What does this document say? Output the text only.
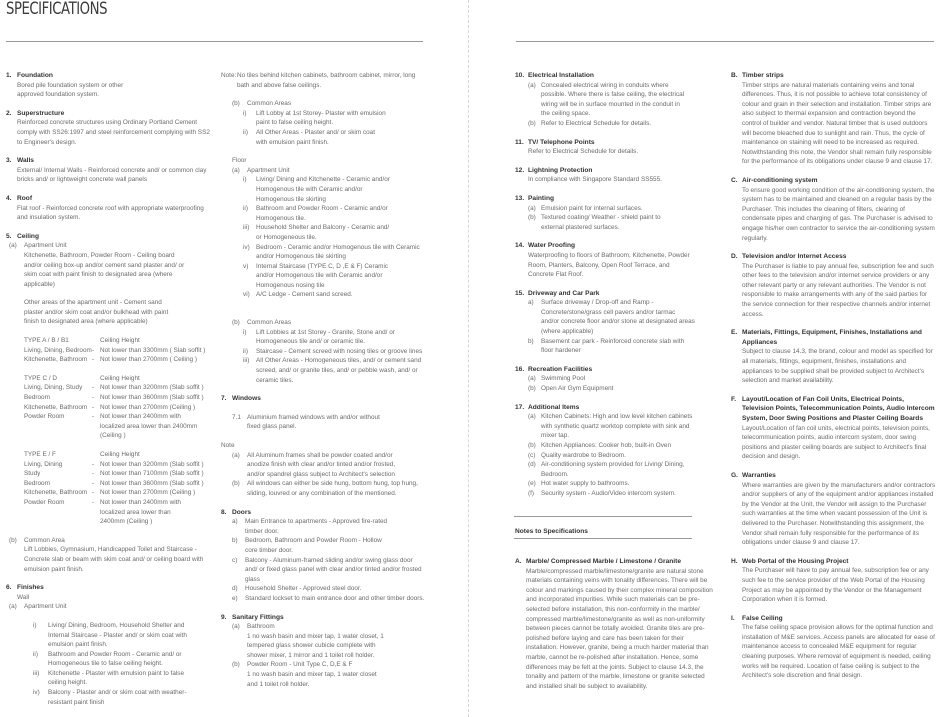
SPECIFICATIONS
1. Foundation
Bored pile foundation system or other approved foundation system.
2. Superstructure
Reinforced concrete structures using Ordinary Portland Cement comply with SS26:1997 and steel reinforcement complying with SS2 to Engineer's design.
3. Walls
External/ Internal Walls - Reinforced concrete and/ or common clay bricks and/ or lightweight concrete wall panels
4. Roof
Flat roof - Reinforced concrete roof with appropriate waterproofing and insulation system.
5. Ceiling
(a)	Apartment Unit
Kitchenette, Bathroom, Powder Room - Ceiling board and/or ceiling box-up and/or cement sand plaster and/ or skim coat with paint finish to designated area (where applicable)
Other areas of the apartment unit - Cement sand plaster and/or skim coat and/or bulkhead with paint finish to designated area (where applicable)
TYPE A / B / B1	Ceiling Height
Living, Dining, Bedroom - Not lower than 3300mm ( Slab soffit )
Kitchenette, Bathroom - Not lower than 2700mm ( Ceiling )
TYPE C / D	Ceiling Height
Living, Dining, Study	- Not lower than 3200mm (Slab soffit )
Bedroom	- Not lower than 3600mm (Slab soffit )
Kitchenette, Bathroom - Not lower than 2700mm (Ceiling )
Powder Room	- Not lower than 2400mm with localized area lower than 2400mm (Ceiling )
TYPE E / F	Ceiling Height
Living, Dining	- Not lower than 3200mm (Slab soffit )
Study	- Not lower than 7100mm (Slab soffit )
Bedroom	- Not lower than 3600mm (Slab soffit )
Kitchenette, Bathroom - Not lower than 2700mm (Ceiling )
Powder Room	- Not lower than 2400mm with localized area lower than 2400mm (Ceiling )
(b)	Common Area
Lift Lobbies, Gymnasium, Handicapped Toilet and Staircase - Concrete slab or beam with skim coat and/ or ceiling board with emulsion paint finish.
6. Finishes
Wall
(a)	Apartment Unit
i)	Living/ Dining, Bedroom, Household Shelter and Internal Staircase - Plaster and/ or skim coat with emulsion paint finish.
ii)	Bathroom and Powder Room - Ceramic and/ or Homogeneous tile to false ceiling height.
iii)	Kitchenette - Plaster with emulsion paint to false ceiling height.
iv)	Balcony - Plaster and/ or skim coat with weather-resistant paint finish
Note: No tiles behind kitchen cabinets, bathroom cabinet, mirror, long bath and above false ceilings.
(b)	Common Areas
i)	Lift Lobby at 1st Storey- Plaster with emulsion paint to false ceiling height.
ii)	All Other Areas - Plaster and/ or skim coat with emulsion paint finish.
Floor
(a)	Apartment Unit
i)	Living/ Dining and Kitchenette - Ceramic and/or Homogenous tile with Ceramic and/or Homogenous tile skirting
ii)	Bathroom and Powder Room - Ceramic and/or Homogenous tile.
iii)	Household Shelter and Balcony - Ceramic and/ or Homogeneous tile.
iv) Bedroom - Ceramic and/or Homogenous tile with Ceramic and/or Homogenous tile skirting
v)	Internal Staircase (TYPE C, D ,E & F) Ceramic and/or Homogenous tile with Ceramic and/or Homogenous nosing tile
vi) A/C Ledge - Cement sand screed.
(b)	Common Areas
i)	Lift Lobbies at 1st Storey - Granite, Stone and/ or Homogeneous tile and/ or ceramic tile.
ii)	Staircase - Cement screed with nosing tiles or groove lines
iii)	All Other Areas - Homogeneous tiles, and/ or cement sand screed, and/ or granite tiles, and/ or pebble wash, and/ or ceramic tiles.
7. Windows
7.1 Aluminium framed windows with and/or without fixed glass panel.
Note
(a)	All Aluminum frames shall be powder coated and/or anodize finish with clear and/or tinted and/or frosted, and/or spandrel glass subject to Architect's selection
(b)	All windows can either be side hung, bottom hung, top hung, sliding, louvred or any combination of the mentioned.
8. Doors
a)	Main Entrance to apartments - Approved fire-rated timber door.
b)	Bedroom, Bathroom and Powder Room - Hollow core timber door.
c)	Balcony - Aluminum-framed sliding and/or swing glass door and/ or fixed glass panel with clear and/or tinted and/or frosted glass
d)	Household Shelter - Approved steel door.
e)	Standard lockset to main entrance door and other timber doors.
9. Sanitary Fittings
(a)	Bathroom
1 no wash basin and mixer tap, 1 water closet, 1 tempered glass shower cubicle complete with shower mixer, 1 mirror and 1 toilet roll holder.
(b)	Powder Room - Unit Type C, D,E & F
1 no wash basin and mixer tap, 1 water closet and 1 toilet roll holder.
10. Electrical Installation
(a) Concealed electrical wiring in conduits where possible. Where there is false ceiling, the electrical wiring will be in surface mounted in the conduit in the ceiling space.
(b) Refer to Electrical Schedule for details.
11. TV/ Telephone Points
Refer to Electrical Schedule for details.
12. Lightning Protection
In compliance with Singapore Standard SS555.
13. Painting
(a) Emulsion paint for internal surfaces.
(b) Textured coating/ Weather - shield paint to external plastered surfaces.
14. Water Proofing
Waterproofing to floors of Bathroom, Kitchenette, Powder Room, Planters, Balcony, Open Roof Terrace, and Concrete Flat Roof.
15. Driveway and Car Park
a)	Surface driveway / Drop-off and Ramp - Concrete/stone/grass cell pavers and/or tarmac and/or concrete floor and/or stone at designated areas (where applicable)
b)	Basement car park - Reinforced concrete slab with floor hardener
16. Recreation Facilities
(a) Swimming Pool
(b) Open Air Gym Equipment
17. Additional Items
(a) Kitchen Cabinets: High and low level kitchen cabinets with synthetic quartz worktop complete with sink and mixer tap.
(b) Kitchen Appliances: Cooker hob, built-in Oven
(c) Quality wardrobe to Bedroom.
(d) Air-conditioning system provided for Living/ Dining, Bedroom.
(e) Hot water supply to bathrooms.
(f)	Security system - Audio/Video intercom system.
Notes to Specifications
A. Marble/ Compressed Marble / Limestone / Granite
Marble/compressed marble/limestone/granite are natural stone materials containing veins with tonality differences. There will be colour and markings caused by their complex mineral composition and incorporated impurities. While such materials can be pre-selected before installation, this non-conformity in the marble/ compressed marble/limestone/granite as well as non-uniformity between pieces cannot be totally avoided. Granite tiles are pre-polished before laying and care has been taken for their installation. However, granite, being a much harder material than marble, cannot be re-polished after installation. Hence, some differences may be felt at the joints. Subject to clause 14.3, the tonality and pattern of the marble, limestone or granite selected and installed shall be subject to availability.
B. Timber strips
Timber strips are natural materials containing veins and tonal differences. Thus, it is not possible to achieve total consistency of colour and grain in their selection and installation. Timber strips are also subject to thermal expansion and contraction beyond the control of builder and vendor. Natural timber that is used outdoors will become bleached due to sunlight and rain. Thus, the cycle of maintenance on staining will need to be increased as required. Notwithstanding this note, the Vendor shall remain fully responsible for the performance of its obligations under clause 9 and clause 17.
C. Air-conditioning system
To ensure good working condition of the air-conditioning system, the system has to be maintained and cleaned on a regular basis by the Purchaser. This includes the cleaning of filters, clearing of condensate pipes and charging of gas. The Purchaser is advised to engage his/her own contractor to service the air-conditioning system regularly.
D. Television and/or Internet Access
The Purchaser is liable to pay annual fee, subscription fee and such other fees to the television and/or internet service providers or any other relevant party or any relevant authorities. The Vendor is not responsible to make arrangements with any of the said parties for the service connection for their respective channels and/or internet access.
E. Materials, Fittings, Equipment, Finishes, Installations and Appliances
Subject to clause 14.3, the brand, colour and model as specified for all materials, fittings, equipment, finishes, installations and appliances to be supplied shall be provided subject to Architect's selection and market availability.
F. Layout/Location of Fan Coil Units, Electrical Points, Television Points, Telecommunication Points, Audio Intercom System, Door Swing Positions and Plaster Ceiling Boards
Layout/Location of fan coil units, electrical points, television points, telecommunication points, audio intercom system, door swing positions and plaster ceiling boards are subject to Architect's final decision and design.
G. Warranties
Where warranties are given by the manufacturers and/or contractors and/or suppliers of any of the equipment and/or appliances installed by the Vendor at the Unit, the Vendor will assign to the Purchaser such warranties at the time when vacant possession of the Unit is delivered to the Purchaser. Notwithstanding this assignment, the Vendor shall remain fully responsible for the performance of its obligations under clause 9 and clause 17.
H. Web Portal of the Housing Project
The Purchaser will have to pay annual fee, subscription fee or any such fee to the service provider of the Web Portal of the Housing Project as may be appointed by the Vendor or the Management Corporation when it is formed.
I.	False Ceiling
The false ceiling space provision allows for the optimal function and installation of M&E services. Access panels are allocated for ease of maintenance access to concealed M&E equipment for regular cleaning purposes. Where removal of equipment is needed, ceiling works will be required. Location of false ceiling is subject to the Architect's sole discretion and final design.
